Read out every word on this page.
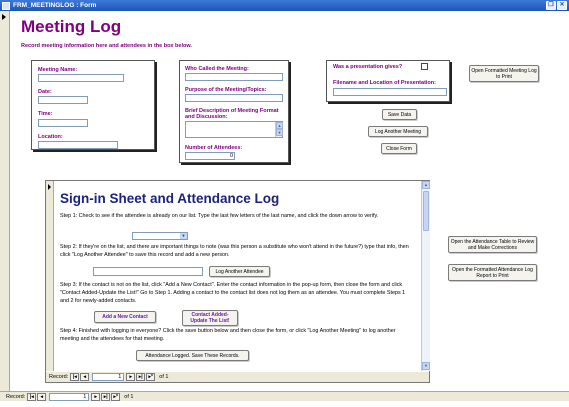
FRM_MEETINGLOG : Form	❐ ✕
Meeting Log
Record meeting information here and attendees in the box below.
Meeting Name:
Date:
Time:
Location:
Who Called the Meeting:
Purpose of the Meeting/Topics:
Brief Description of Meeting Format and Discussion:
▲
▼
Number of Attendees:
0
Was a presentation gives?
Filename and Location of Presentation:
Save Data
Log Another Meeting
Close Form
Open Formatted Meeting Log to Print
Open the Attendance Table to Review and Make Corrections
Open the Formatted Attendance Log Report to Print
Sign-in Sheet and Attendance Log
Step 1: Check to see if the attendee is already on our list. Type the last few letters of the last name, and click the down arrow to verify.
▼
Step 2: If they're on the list, and there are important things to note (was this person a substitute who won't attend in the future?) type that info, then click "Log Another Attendee" to save this record and add a new person.
Log Another Attendee
Step 3: If the contact is not on the list, click "Add a New Contact". Enter the contact information in the pop-up form, then close the form and click "Contact Added-Update the List!" Go to Step 1. Adding a contact to the contact list does not log them as an attendee. You must complete Steps 1 and 2 for newly-added contacts.
Add a New Contact	Contact Added- Update The List!
Step 4: Finished with logging in everyone? Click the save button below and then close the form, or click "Log Another Meeting" to log another meeting and the attendees for that meeting.
Attendance Logged. Save These Records.
▲
▼
Record: |◂	◂	1	▸	▸|	▸*	of 1
Record: |◂	◂	1	▸	▸|	▸*	of 1
